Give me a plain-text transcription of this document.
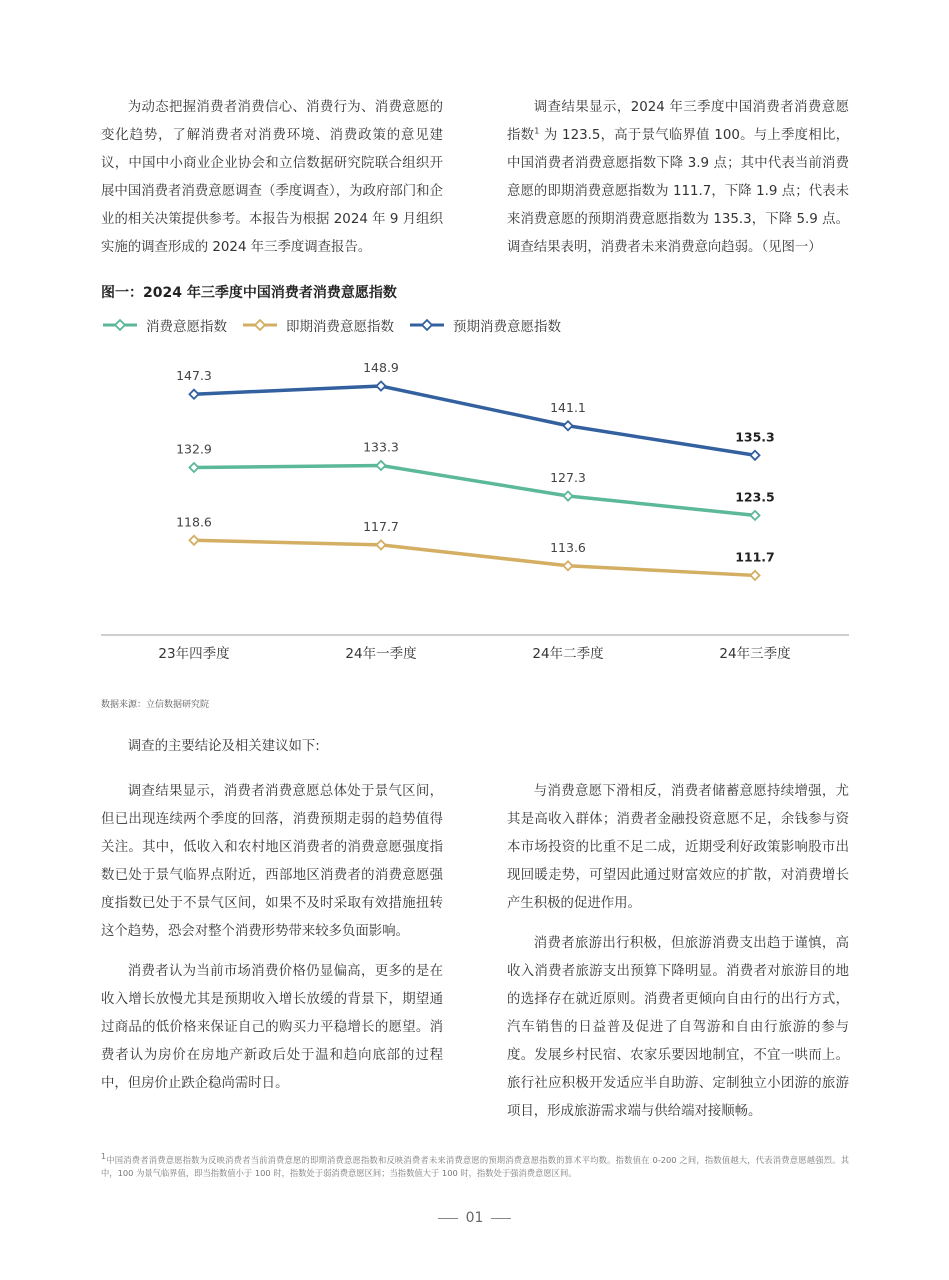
为动态把握消费者消费信心、消费行为、消费意愿的变化趋势，了解消费者对消费环境、消费政策的意见建议，中国中小商业企业协会和立信数据研究院联合组织开展中国消费者消费意愿调查（季度调查），为政府部门和企业的相关决策提供参考。本报告为根据 2024 年 9 月组织实施的调查形成的 2024 年三季度调查报告。

调查结果显示，2024 年三季度中国消费者消费意愿指数$^1$ 为 123.5，高于景气临界值 100。与上季度相比，中国消费者消费意愿指数下降 3.9 点；其中代表当前消费意愿的即期消费意愿指数为 111.7，下降 1.9 点；代表未来消费意愿的预期消费意愿指数为 135.3，下降 5.9 点。调查结果表明，消费者未来消费意向趋弱。（见图一）

图一：2024 年三季度中国消费者消费意愿指数
消费意愿指数	即期消费意愿指数	预期消费意愿指数
23年四季度	24年一季度	24年二季度	24年三季度
132.9	133.3
127.3
123.5
118.6	117.7
113.6
111.7
147.3
148.9
141.1
135.3
数据来源：立信数据研究院
调查的主要结论及相关建议如下:

调查结果显示，消费者消费意愿总体处于景气区间，但已出现连续两个季度的回落，消费预期走弱的趋势值得关注。其中，低收入和农村地区消费者的消费意愿强度指数已处于景气临界点附近，西部地区消费者的消费意愿强度指数已处于不景气区间，如果不及时采取有效措施扭转这个趋势，恐会对整个消费形势带来较多负面影响。

消费者认为当前市场消费价格仍显偏高，更多的是在收入增长放慢尤其是预期收入增长放缓的背景下，期望通过商品的低价格来保证自己的购买力平稳增长的愿望。消费者认为房价在房地产新政后处于温和趋向底部的过程中，但房价止跌企稳尚需时日。

与消费意愿下滑相反，消费者储蓄意愿持续增强，尤其是高收入群体；消费者金融投资意愿不足，余钱参与资本市场投资的比重不足二成，近期受利好政策影响股市出现回暖走势，可望因此通过财富效应的扩散，对消费增长产生积极的促进作用。

消费者旅游出行积极，但旅游消费支出趋于谨慎，高收入消费者旅游支出预算下降明显。消费者对旅游目的地的选择存在就近原则。消费者更倾向自由行的出行方式，汽车销售的日益普及促进了自驾游和自由行旅游的参与度。发展乡村民宿、农家乐要因地制宜，不宜一哄而上。旅行社应积极开发适应半自助游、定制独立小团游的旅游项目，形成旅游需求端与供给端对接顺畅。

$^1$中国消费者消费意愿指数为反映消费者当前消费意愿的即期消费意愿指数和反映消费者未来消费意愿的预期消费意愿指数的算术平均数。指数值在 0-200 之间，指数值越大，代表消费意愿越强烈。其中，100 为景气临界值，即当指数值小于 100 时，指数处于弱消费意愿区间；当指数值大于 100 时，指数处于强消费意愿区间。
01
